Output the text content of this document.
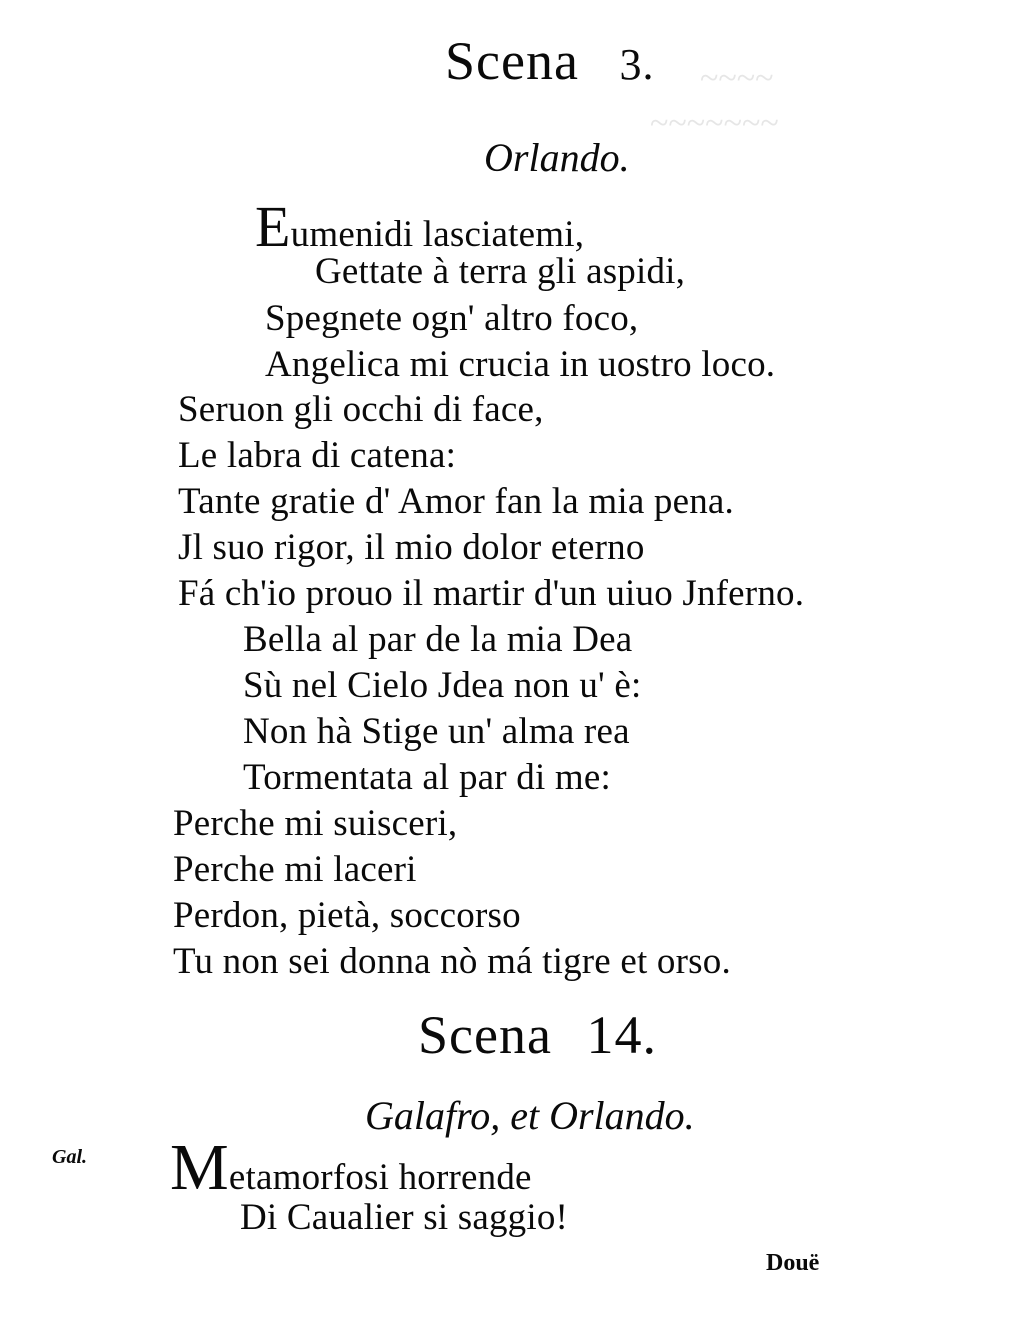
~~~~
~~~~~~~
Scena 3.
Orlando.
Eumenidi lasciatemi,
Gettate à terra gli aspidi,
Spegnete ogn' altro foco,
Angelica mi crucia in uostro loco.
Seruon gli occhi di face,
Le labra di catena:
Tante gratie d' Amor fan la mia pena.
Jl suo rigor, il mio dolor eterno
Fá ch'io prouo il martir d'un uiuo Jnferno.
Bella al par de la mia Dea
Sù nel Cielo Jdea non u' è:
Non hà Stige un' alma rea
Tormentata al par di me:
Perche mi suisceri,
Perche mi laceri
Perdon, pietà, soccorso
Tu non sei donna nò má tigre et orso.
Scena 14.
Galafro, et Orlando.
Gal. Metamorfosi horrende
Di Caualier si saggio!
Douë
